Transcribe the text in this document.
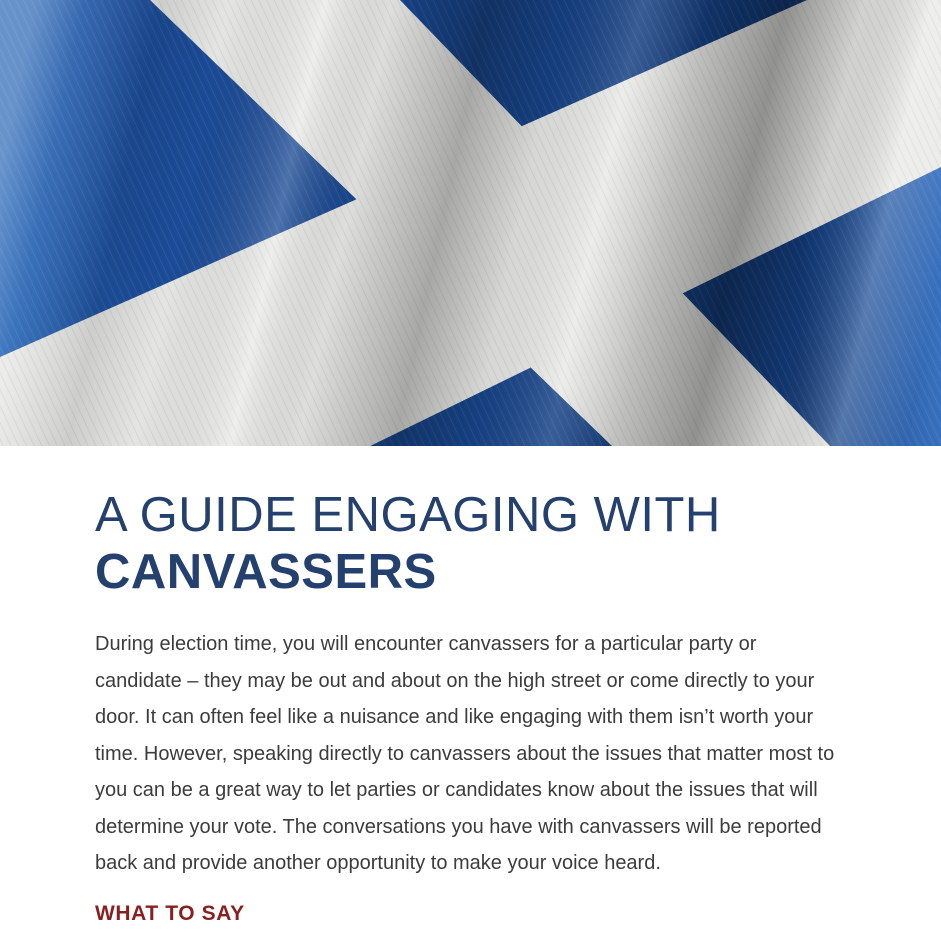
A GUIDE ENGAGING WITH
CANVASSERS

During election time, you will encounter canvassers for a particular party or candidate – they may be out and about on the high street or come directly to your door. It can often feel like a nuisance and like engaging with them isn’t worth your time. However, speaking directly to canvassers about the issues that matter most to you can be a great way to let parties or candidates know about the issues that will determine your vote. The conversations you have with canvassers will be reported back and provide another opportunity to make your voice heard.

WHAT TO SAY
